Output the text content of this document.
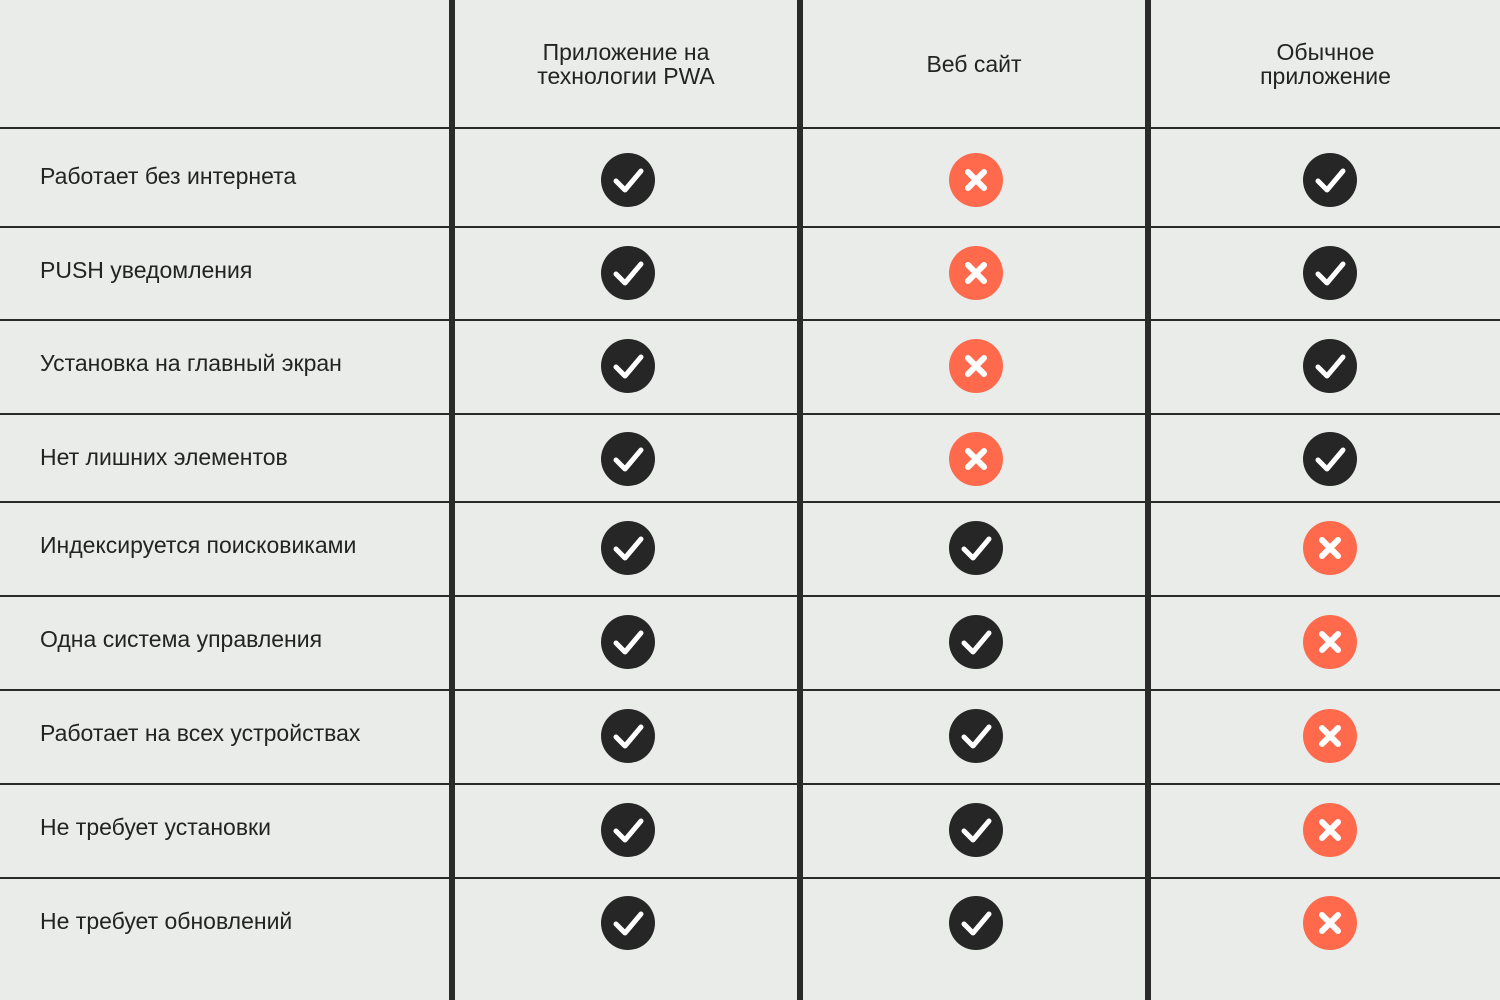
Приложение на
технологии PWA	Веб сайт	Обычное
приложение
Работает без интернета
PUSH уведомления
Установка на главный экран
Нет лишних элементов
Индексируется поисковиками
Одна система управления
Работает на всех устройствах
Не требует установки
Не требует обновлений
